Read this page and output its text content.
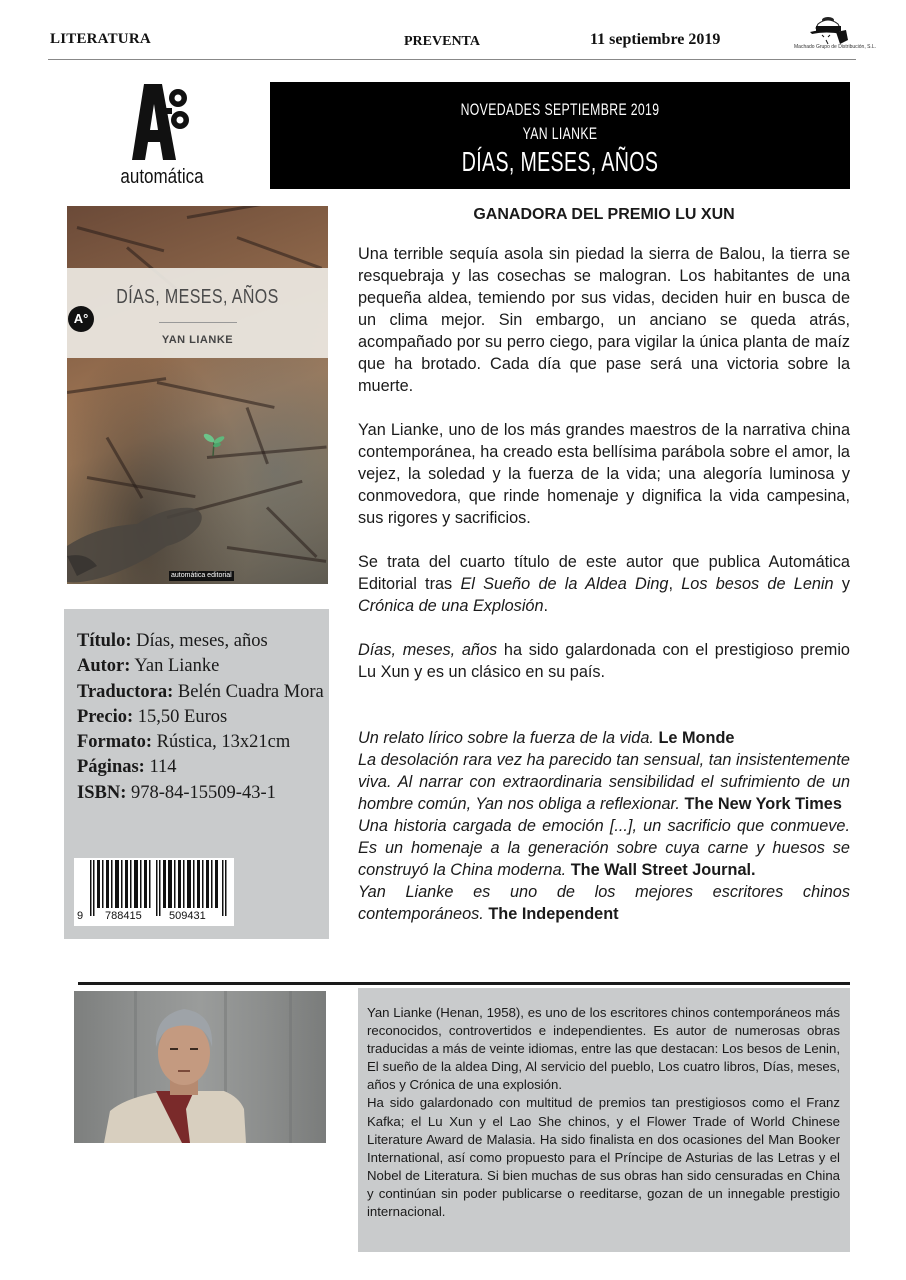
LITERATURA	PREVENTA	11 septiembre 2019	Machado Grupo de Distribución, S.L.
automática
NOVEDADES SEPTIEMBRE 2019
YAN LIANKE
DÍAS, MESES, AÑOS
DÍAS, MESES, AÑOS
YAN LIANKE
A°
automática editorial
Título: Días, meses, años
Autor: Yan Lianke
Traductora: Belén Cuadra Mora
Precio: 15,50 Euros
Formato: Rústica, 13x21cm
Páginas: 114
ISBN: 978-84-15509-43-1
9 788415 509431
GANADORA DEL PREMIO LU XUN

Una terrible sequía asola sin piedad la sierra de Balou, la tierra se resquebraja y las cosechas se malogran. Los habitantes de una pequeña aldea, temiendo por sus vidas, deciden huir en busca de un clima mejor. Sin embargo, un anciano se queda atrás, acompañado por su perro ciego, para vigilar la única planta de maíz que ha brotado. Cada día que pase será una victoria sobre la muerte.

Yan Lianke, uno de los más grandes maestros de la narrativa china contemporánea, ha creado esta bellísima parábola sobre el amor, la vejez, la soledad y la fuerza de la vida; una alegoría luminosa y conmovedora, que rinde homenaje y dignifica la vida campesina, sus rigores y sacrificios.

Se trata del cuarto título de este autor que publica Automática Editorial tras El Sueño de la Aldea Ding, Los besos de Lenin y Crónica de una Explosión.

Días, meses, años ha sido galardonada con el prestigioso premio Lu Xun y es un clásico en su país.

Un relato lírico sobre la fuerza de la vida. Le Monde

La desolación rara vez ha parecido tan sensual, tan insistentemente viva. Al narrar con extraordinaria sensibilidad el sufrimiento de un hombre común, Yan nos obliga a reflexionar. The New York Times

Una historia cargada de emoción [...], un sacrificio que conmueve. Es un homenaje a la generación sobre cuya carne y huesos se construyó la China moderna. The Wall Street Journal.

Yan Lianke es uno de los mejores escritores chinos contemporáneos. The Independent

Yan Lianke (Henan, 1958), es uno de los escritores chinos contemporáneos más reconocidos, controvertidos e independientes. Es autor de numerosas obras traducidas a más de veinte idiomas, entre las que destacan: Los besos de Lenin, El sueño de la aldea Ding, Al servicio del pueblo, Los cuatro libros, Días, meses, años y Crónica de una explosión.
Ha sido galardonado con multitud de premios tan prestigiosos como el Franz Kafka; el Lu Xun y el Lao She chinos, y el Flower Trade of World Chinese Literature Award de Malasia. Ha sido finalista en dos ocasiones del Man Booker International, así como propuesto para el Príncipe de Asturias de las Letras y el Nobel de Literatura. Si bien muchas de sus obras han sido censuradas en China y continúan sin poder publicarse o reeditarse, gozan de un innegable prestigio internacional.
